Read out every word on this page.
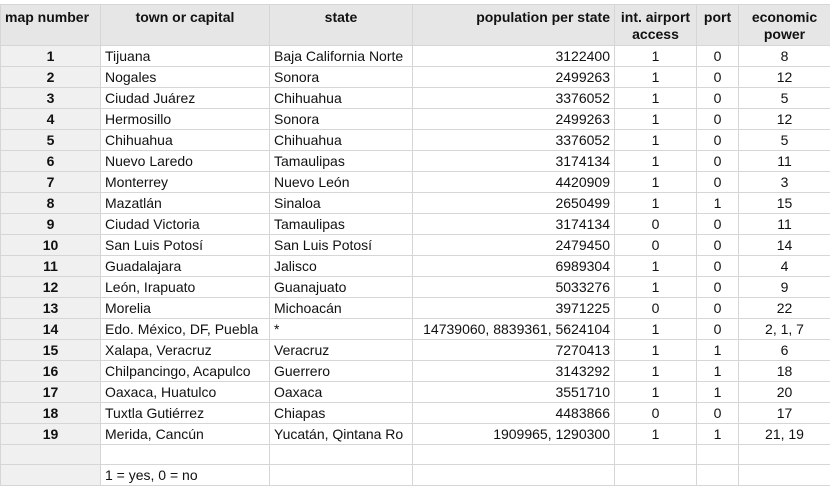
map number	town or capital	state	population per state	int. airport access	port	economic power
1	Tijuana	Baja California Norte	3122400	1	0	8
2	Nogales	Sonora	2499263	1	0	12
3	Ciudad Juárez	Chihuahua	3376052	1	0	5
4	Hermosillo	Sonora	2499263	1	0	12
5	Chihuahua	Chihuahua	3376052	1	0	5
6	Nuevo Laredo	Tamaulipas	3174134	1	0	11
7	Monterrey	Nuevo León	4420909	1	0	3
8	Mazatlán	Sinaloa	2650499	1	1	15
9	Ciudad Victoria	Tamaulipas	3174134	0	0	11
10	San Luis Potosí	San Luis Potosí	2479450	0	0	14
11	Guadalajara	Jalisco	6989304	1	0	4
12	León, Irapuato	Guanajuato	5033276	1	0	9
13	Morelia	Michoacán	3971225	0	0	22
14	Edo. México, DF, Puebla	*	14739060, 8839361, 5624104	1	0	2, 1, 7
15	Xalapa, Veracruz	Veracruz	7270413	1	1	6
16	Chilpancingo, Acapulco	Guerrero	3143292	1	1	18
17	Oaxaca, Huatulco	Oaxaca	3551710	1	1	20
18	Tuxtla Gutiérrez	Chiapas	4483866	0	0	17
19	Merida, Cancún	Yucatán, Qintana Ro	1909965, 1290300	1	1	21, 19

	1 = yes, 0 = no					
